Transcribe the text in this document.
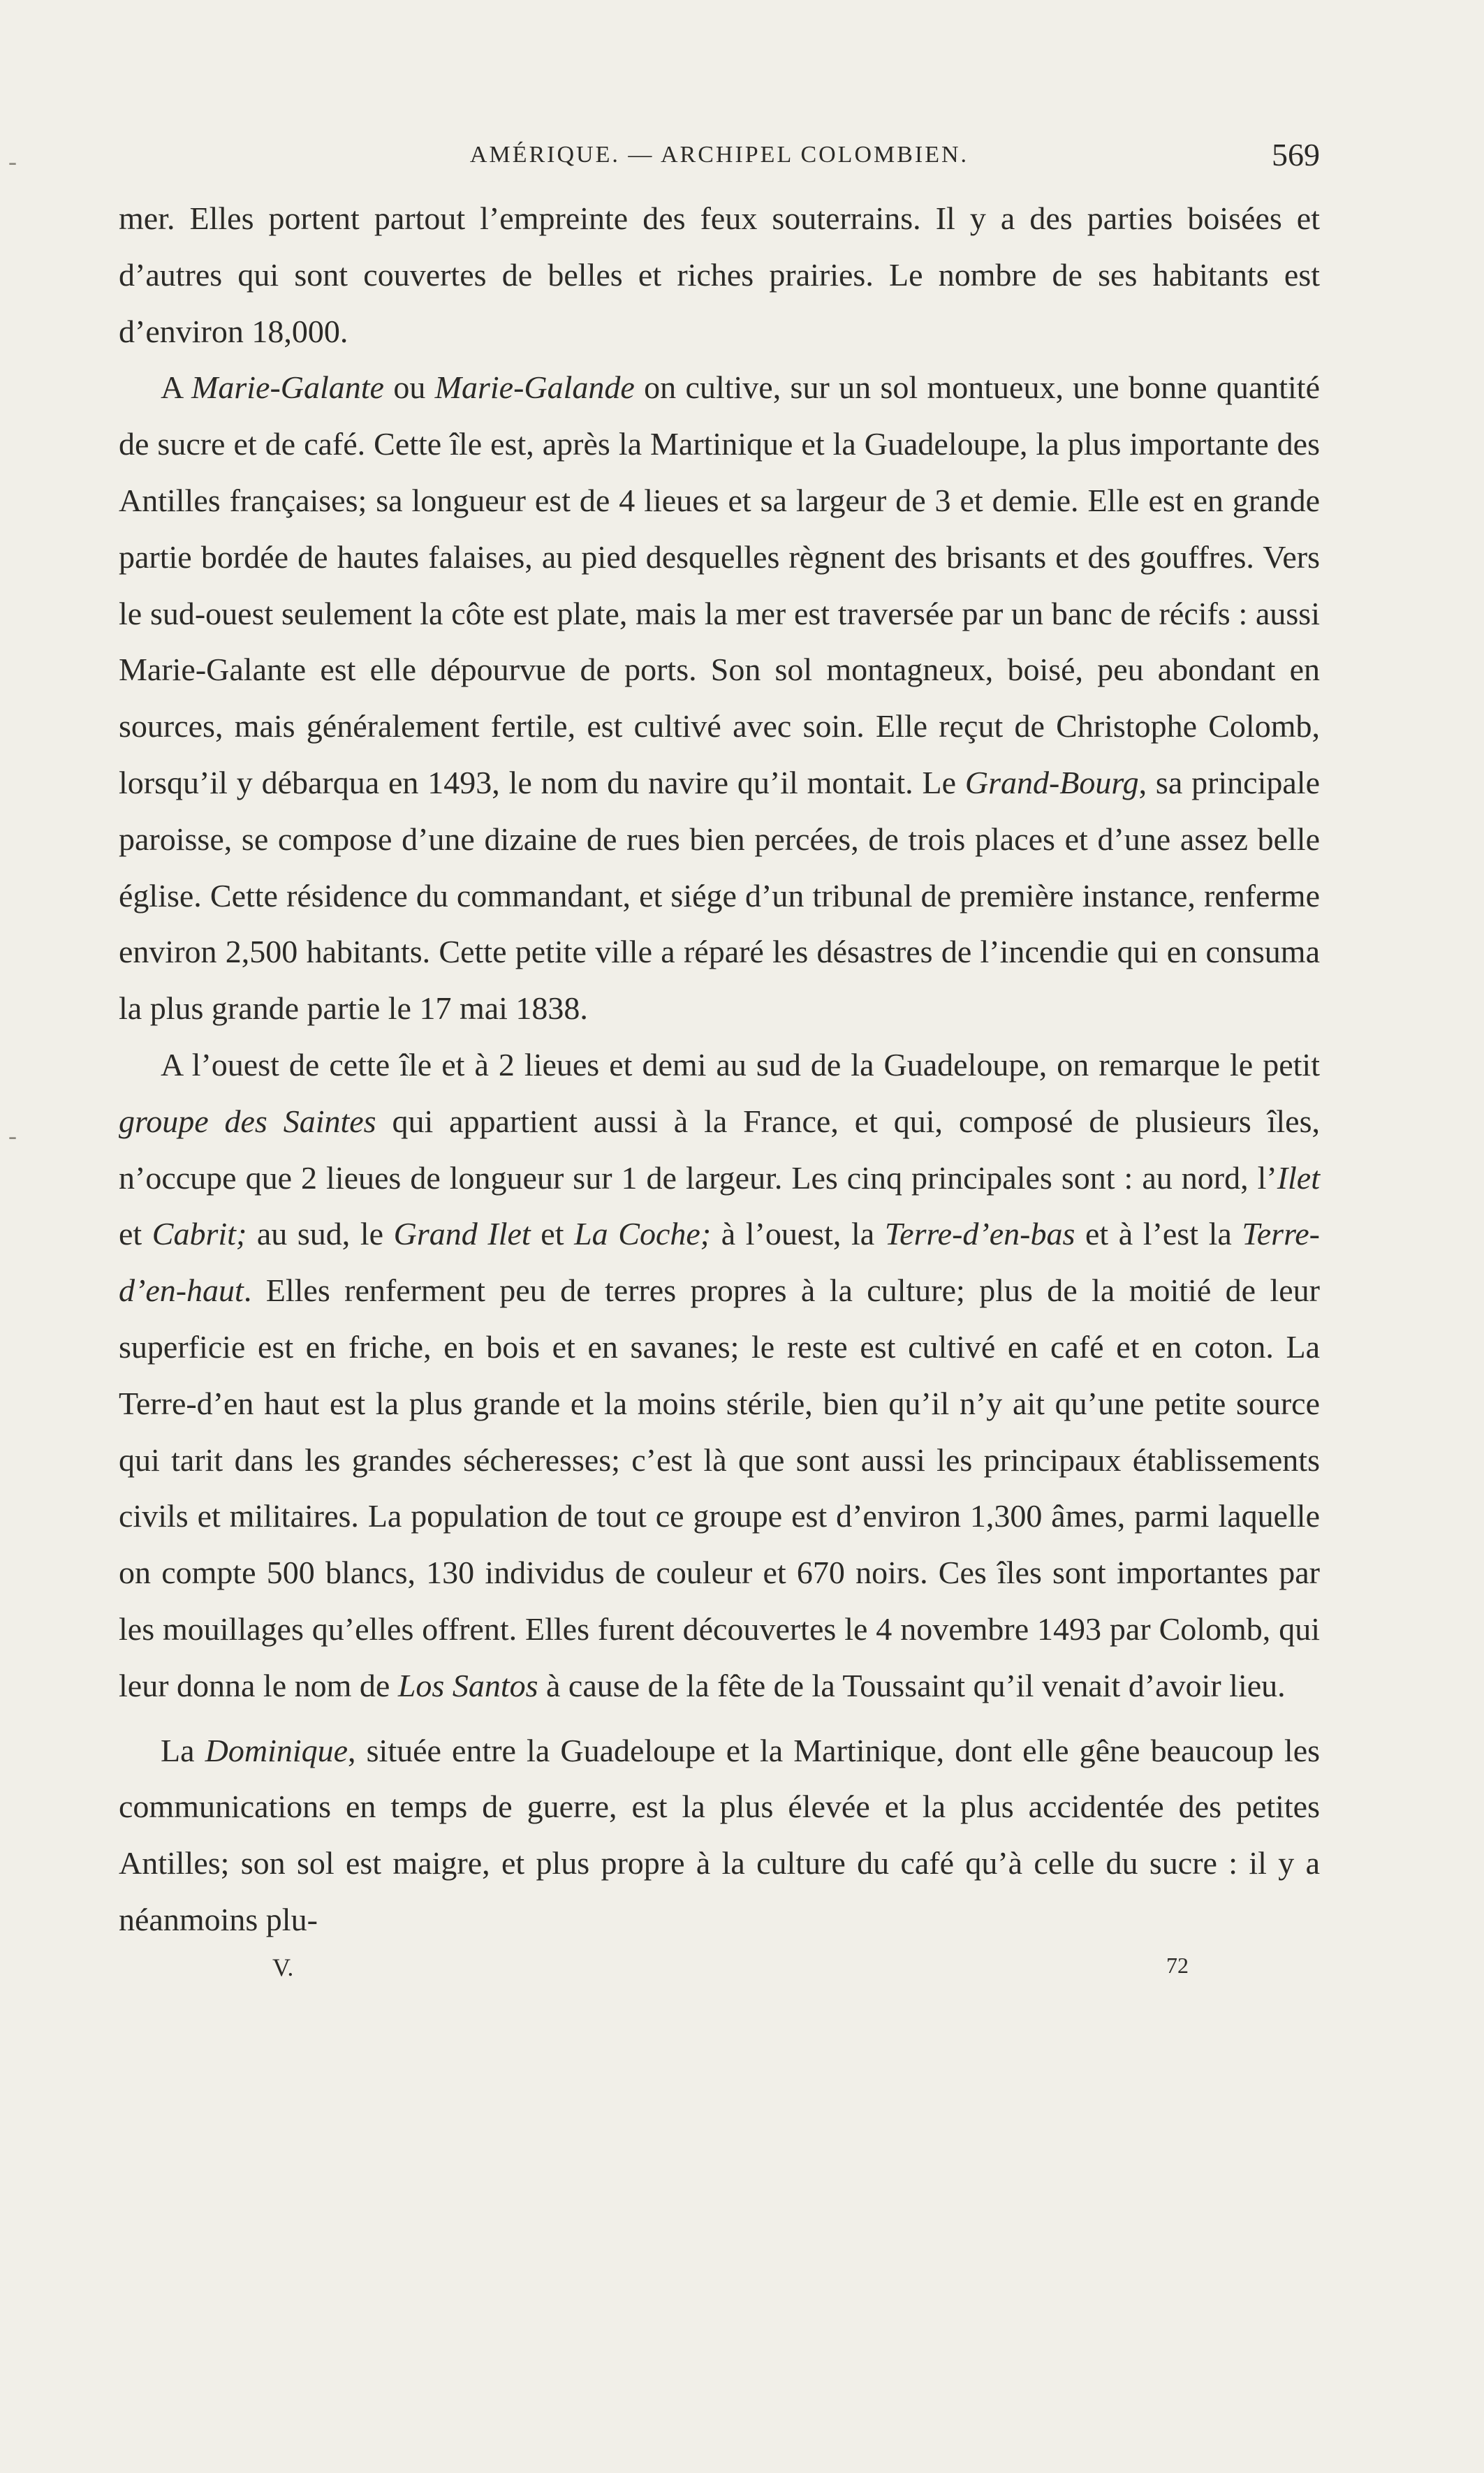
-
-
AMÉRIQUE. — ARCHIPEL COLOMBIEN.	569

mer. Elles portent partout l’empreinte des feux souterrains. Il y a des parties boisées et d’autres qui sont couvertes de belles et riches prairies. Le nombre de ses habitants est d’environ 18,000.

A Marie-Galante ou Marie-Galande on cultive, sur un sol montueux, une bonne quantité de sucre et de café. Cette île est, après la Martinique et la Guadeloupe, la plus importante des Antilles françaises; sa longueur est de 4 lieues et sa largeur de 3 et demie. Elle est en grande partie bordée de hautes falaises, au pied desquelles règnent des brisants et des gouffres. Vers le sud-ouest seulement la côte est plate, mais la mer est traversée par un banc de récifs : aussi Marie-Galante est elle dépourvue de ports. Son sol montagneux, boisé, peu abondant en sources, mais généralement fertile, est cultivé avec soin. Elle reçut de Christophe Colomb, lorsqu’il y débarqua en 1493, le nom du navire qu’il montait. Le Grand-Bourg, sa principale paroisse, se compose d’une dizaine de rues bien percées, de trois places et d’une assez belle église. Cette résidence du commandant, et siége d’un tribunal de première instance, renferme environ 2,500 habitants. Cette petite ville a réparé les désastres de l’incendie qui en consuma la plus grande partie le 17 mai 1838.

A l’ouest de cette île et à 2 lieues et demi au sud de la Guadeloupe, on remarque le petit groupe des Saintes qui appartient aussi à la France, et qui, composé de plusieurs îles, n’occupe que 2 lieues de longueur sur 1 de largeur. Les cinq principales sont : au nord, l’Ilet et Cabrit; au sud, le Grand Ilet et La Coche; à l’ouest, la Terre-d’en-bas et à l’est la Terre-d’en-haut. Elles renferment peu de terres propres à la culture; plus de la moitié de leur superficie est en friche, en bois et en savanes; le reste est cultivé en café et en coton. La Terre-d’en haut est la plus grande et la moins stérile, bien qu’il n’y ait qu’une petite source qui tarit dans les grandes sécheresses; c’est là que sont aussi les principaux établissements civils et militaires. La population de tout ce groupe est d’environ 1,300 âmes, parmi laquelle on compte 500 blancs, 130 individus de couleur et 670 noirs. Ces îles sont importantes par les mouillages qu’elles offrent. Elles furent découvertes le 4 novembre 1493 par Colomb, qui leur donna le nom de Los Santos à cause de la fête de la Toussaint qu’il venait d’avoir lieu.

La Dominique, située entre la Guadeloupe et la Martinique, dont elle gêne beaucoup les communications en temps de guerre, est la plus élevée et la plus accidentée des petites Antilles; son sol est maigre, et plus propre à la culture du café qu’à celle du sucre : il y a néanmoins plu-

V.	72
